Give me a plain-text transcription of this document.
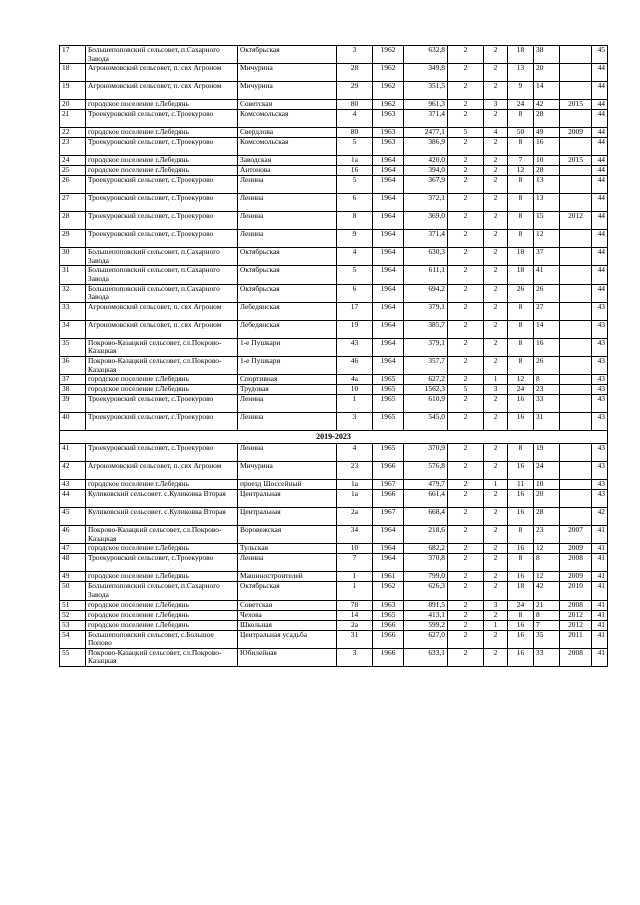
17	Большепоповский сельсовет, п.Сахарного Завода	Октябрьская	3	1962	632,8	2	2	18	38		45
18	Агрономовский сельсовет, п. свх Агроном	Мичурина	28	1962	349,8	2	2	13	20		44
19	Агрономовский сельсовет, п. свх Агроном	Мичурина	29	1962	351,5	2	2	9	14		44
20	городское поселение г.Лебедянь	Советская	80	1962	961,3	2	3	24	42	2015	44
21	Троекуровский сельсовет, с.Троекурово	Комсомольская	4	1963	371,4	2	2	8	28		44
22	городское поселение г.Лебедянь	Свердлова	80	1963	2477,1	5	4	50	49	2009	44
23	Троекуровский сельсовет, с.Троекурово	Комсомольская	5	1963	386,9	2	2	8	16		44
24	городское поселение г.Лебедянь	Заводская	1а	1964	420,0	2	2	7	10	2015	44
25	городское поселение г.Лебедянь	Антонова	16	1964	394,0	2	2	12	28		44
26	Троекуровский сельсовет, с.Троекурово	Ленина	5	1964	367,9	2	2	8	13		44
27	Троекуровский сельсовет, с.Троекурово	Ленина	6	1964	372,1	2	2	8	13		44
28	Троекуровский сельсовет, с.Троекурово	Ленина	8	1964	369,0	2	2	8	15	2012	44
29	Троекуровский сельсовет, с.Троекурово	Ленина	9	1964	371,4	2	2	8	12		44
30	Большепоповский сельсовет, п.Сахарного Завода	Октябрьская	4	1964	630,3	2	2	18	37		44
31	Большепоповский сельсовет, п.Сахарного Завода	Октябрьская	5	1964	611,1	2	2	18	41		44
32	Большепоповский сельсовет, п.Сахарного Завода	Октябрьская	6	1964	694,2	2	2	26	26		44
33	Агрономовский сельсовет, п. свх Агроном	Лебедянская	17	1964	379,1	2	2	8	27		43
34	Агрономовский сельсовет, п. свх Агроном	Лебедянская	19	1964	385,7	2	2	8	14		43
35	Покрово-Казацкий сельсовет, сл.Покрово-Казацкая	1-е Пушкари	43	1964	379,1	2	2	8	16		43
36	Покрово-Казацкий сельсовет, сл.Покрово-Казацкая	1-е Пушкари	46	1964	357,7	2	2	8	26		43
37	городское поселение г.Лебедянь	Спортивная	4а	1965	627,2	2	1	12	8		43
38	городское поселение г.Лебедянь	Трудовая	10	1965	1562,3	5	3	24	23		43
39	Троекуровский сельсовет, с.Троекурово	Ленина	1	1965	610,9	2	2	16	33		43
40	Троекуровский сельсовет, с.Троекурово	Ленина	3	1965	545,0	2	2	16	31		43
2019-2023											
41	Троекуровский сельсовет, с.Троекурово	Ленина	4	1965	370,9	2	2	8	19		43
42	Агрономовский сельсовет, п. свх Агроном	Мичурина	23	1966	576,8	2	2	16	24		43
43	городское поселение г.Лебедянь	проезд Шоссейный	1а	1967	479,7	2	1	11	10		43
44	Куликовский сельсовет. с.Куликовка Вторая	Центральная	1а	1966	661,4	2	2	16	20		43
45	Куликовский сельсовет. с.Куликовка Вторая	Центральная	2а	1967	668,4	2	2	16	28		42
46	Покрово-Казацкий сельсовет, сл.Покрово-Казацкая	Воровежская	34	1964	218,6	2	2	8	23	2007	41
47	городское поселение г.Лебедянь	Тульская	10	1964	682,2	2	2	16	12	2009	41
48	Троекуровский сельсовет, с.Троекурово	Ленина	7	1964	370,8	2	2	8	8	2008	41
49	городское поселение г.Лебедянь	Машиностроителей	1	1961	799,0	2	2	16	12	2009	41
50	Большепоповский сельсовет, п.Сахарного Завода	Октябрьская	1	1962	626,3	2	2	18	42	2010	41
51	городское поселение г.Лебедянь	Советская	78	1963	891,5	2	3	24	21	2008	41
52	городское поселение г.Лебедянь	Чехова	14	1965	413,1	2	2	8	8	2012	41
53	городское поселение г.Лебедянь	Школьная	2а	1966	599,2	2	1	16	7	2012	41
54	Большепоповский сельсовет, с.Большое Попово	Центральная усадьба	31	1966	627,0	2	2	16	35	2011	41
55	Покрово-Казацкий сельсовет, сл.Покрово-Казацкая	Юбилейная	3	1966	633,1	2	2	16	33	2008	41
